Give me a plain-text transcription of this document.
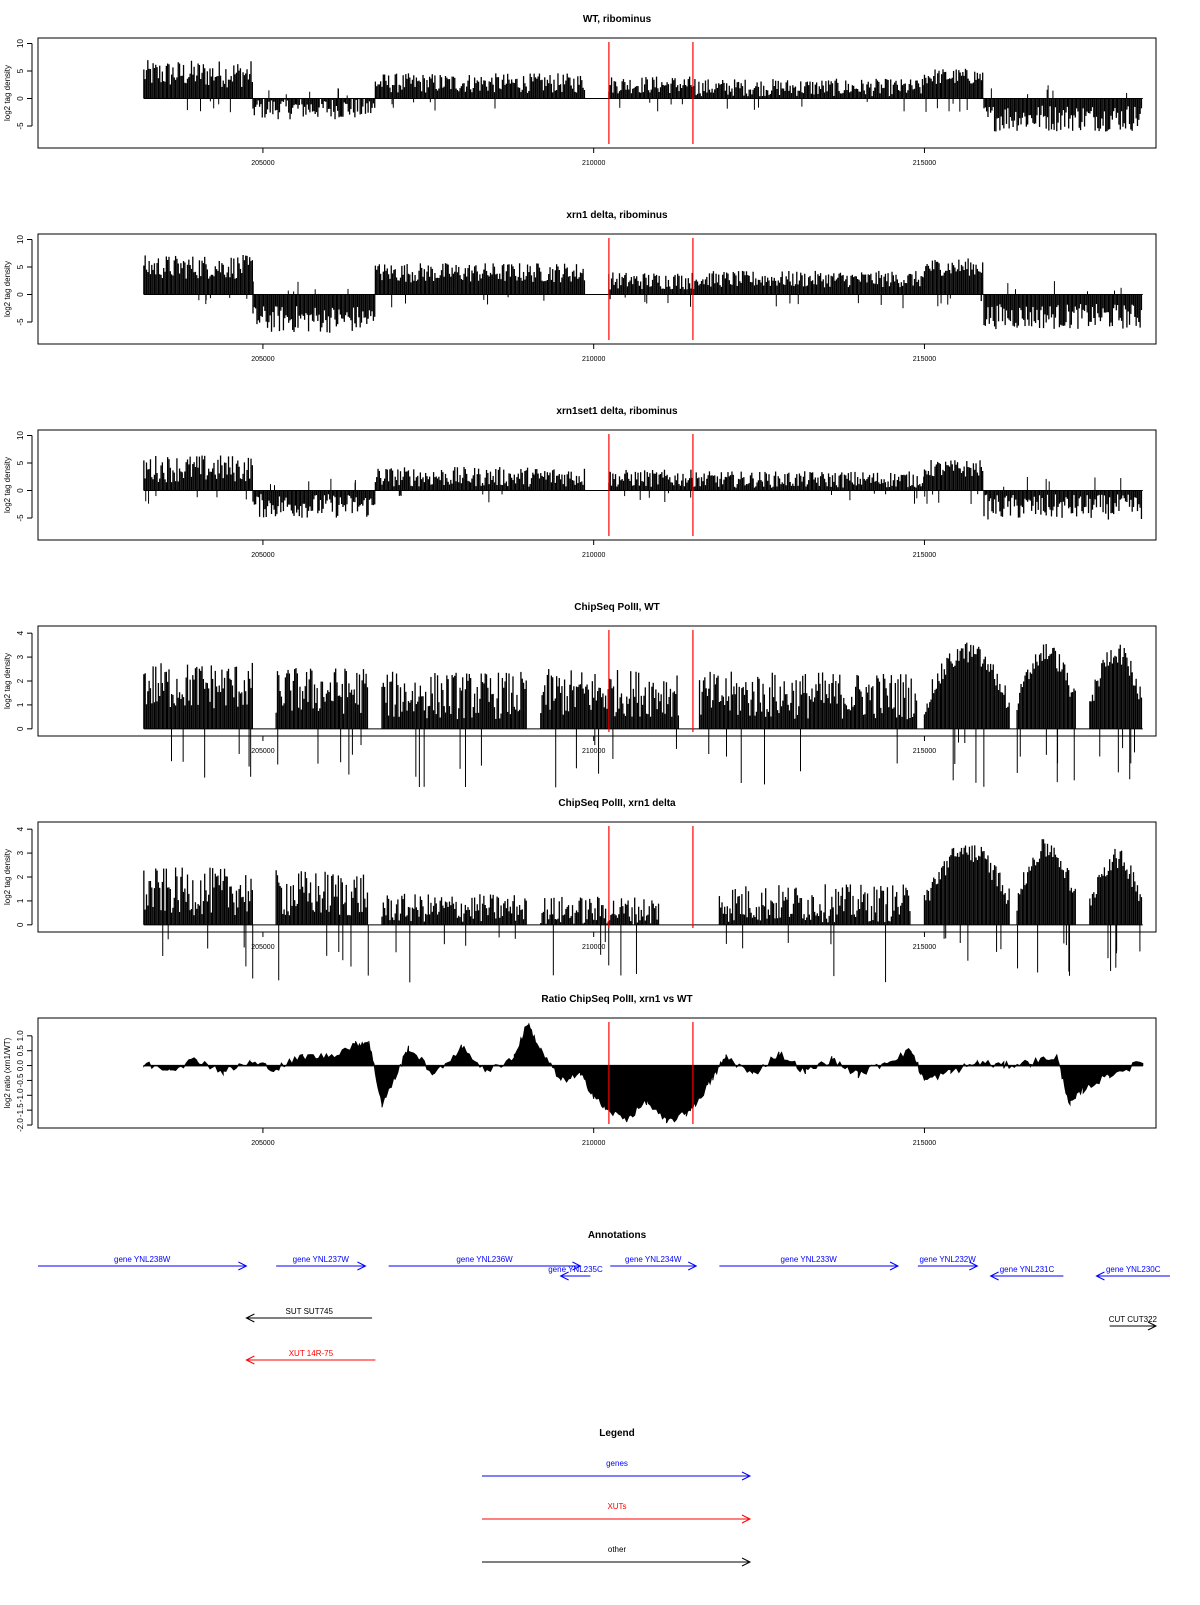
WT, ribominus
-5
0
5
10
log2 tag density
205000	210000	215000
xrn1 delta, ribominus
-5
0
5
10
log2 tag density
205000	210000	215000
xrn1set1 delta, ribominus
-5
0
5
10
log2 tag density
205000	210000	215000
ChipSeq PolII, WT
0
1
2
3
4
log2 tag density
205000	210000	215000
ChipSeq PolII, xrn1 delta
0
1
2
3
4
log2 tag density
205000	210000	215000
Ratio ChipSeq PolII, xrn1 vs WT
-2.0
-1.5
-1.0
-0.5
0.0
0.5
1.0
log2 ratio (xrn1/WT)
205000	210000	215000
Annotations
gene YNL238W	gene YNL237W	gene YNL236W
gene YNL235C
gene YNL234W	gene YNL233W	gene YNL232W
gene YNL231C	gene YNL230C
SUT SUT745
CUT CUT322
XUT 14R-75
Legend
genes
XUTs
other
